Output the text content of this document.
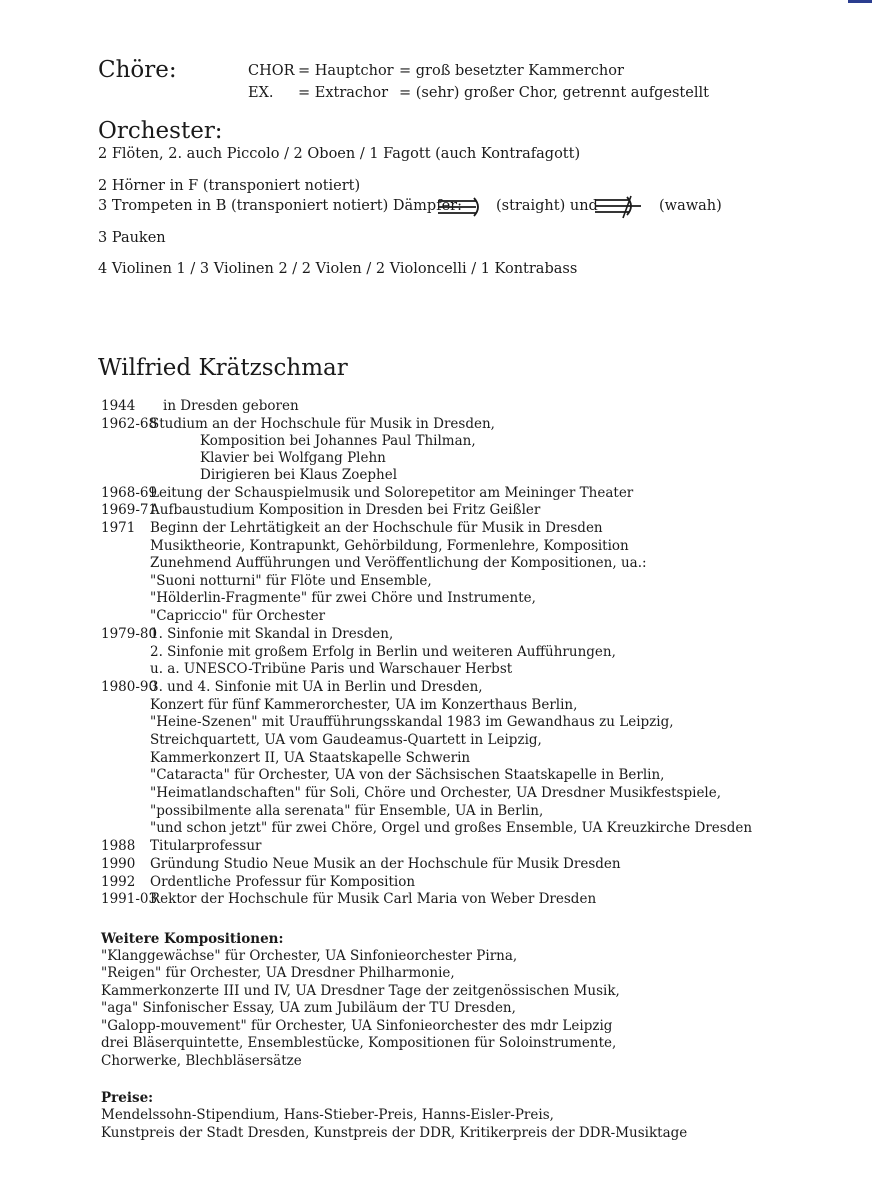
Chöre:	CHOR = Hauptchor = groß besetzter Kammerchor
EX. = Extrachor = (sehr) großer Chor, getrennt aufgestellt
Orchester:
2 Flöten, 2. auch Piccolo / 2 Oboen / 1 Fagott (auch Kontrafagott)
2 Hörner in F (transponiert notiert)
3 Trompeten in B (transponiert notiert) Dämpfer: (straight) und	(wawah)
3 Pauken
4 Violinen 1 / 3 Violinen 2 / 2 Violen / 2 Violoncelli / 1 Kontrabass
Wilfried Krätzschmar
1944 in Dresden geboren
1962-68
Studium an der Hochschule für Musik in Dresden,
Komposition bei Johannes Paul Thilman,
Klavier bei Wolfgang Plehn
Dirigieren bei Klaus Zoephel
1968-69
Leitung der Schauspielmusik und Solorepetitor am Meininger Theater
1969-71
Aufbaustudium Komposition in Dresden bei Fritz Geißler
1971 Beginn der Lehrtätigkeit an der Hochschule für Musik in Dresden
Musiktheorie, Kontrapunkt, Gehörbildung, Formenlehre, Komposition
Zunehmend Aufführungen und Veröffentlichung der Kompositionen, ua.:
"Suoni notturni" für Flöte und Ensemble,
"Hölderlin-Fragmente" für zwei Chöre und Instrumente,
"Capriccio" für Orchester
1979-80
1. Sinfonie mit Skandal in Dresden,
2. Sinfonie mit großem Erfolg in Berlin und weiteren Aufführungen,
u. a. UNESCO-Tribüne Paris und Warschauer Herbst
1980-90
3. und 4. Sinfonie mit UA in Berlin und Dresden,
Konzert für fünf Kammerorchester, UA im Konzerthaus Berlin,
"Heine-Szenen" mit Uraufführungsskandal 1983 im Gewandhaus zu Leipzig,
Streichquartett, UA vom Gaudeamus-Quartett in Leipzig,
Kammerkonzert II, UA Staatskapelle Schwerin
"Cataracta" für Orchester, UA von der Sächsischen Staatskapelle in Berlin,
"Heimatlandschaften" für Soli, Chöre und Orchester, UA Dresdner Musikfestspiele,
"possibilmente alla serenata" für Ensemble, UA in Berlin,
"und schon jetzt" für zwei Chöre, Orgel und großes Ensemble, UA Kreuzkirche Dresden
1988 Titularprofessur
1990 Gründung Studio Neue Musik an der Hochschule für Musik Dresden
1992 Ordentliche Professur für Komposition
1991-03
Rektor der Hochschule für Musik Carl Maria von Weber Dresden
Weitere Kompositionen:
"Klanggewächse" für Orchester, UA Sinfonieorchester Pirna,
"Reigen" für Orchester, UA Dresdner Philharmonie,
Kammerkonzerte III und IV, UA Dresdner Tage der zeitgenössischen Musik,
"aga" Sinfonischer Essay, UA zum Jubiläum der TU Dresden,
"Galopp-mouvement" für Orchester, UA Sinfonieorchester des mdr Leipzig
drei Bläserquintette, Ensemblestücke, Kompositionen für Soloinstrumente,
Chorwerke, Blechbläsersätze
Preise:
Mendelssohn-Stipendium, Hans-Stieber-Preis, Hanns-Eisler-Preis,
Kunstpreis der Stadt Dresden, Kunstpreis der DDR, Kritikerpreis der DDR-Musiktage
